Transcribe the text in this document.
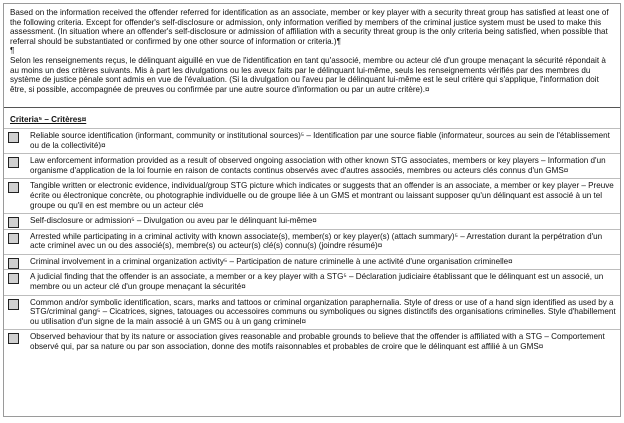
Based on the information received the offender referred for identification as an associate, member or key player with a security threat group has satisfied at least one of the following criteria. Except for offender's self-disclosure or admission, only information verified by members of the criminal justice system must be used to make this assessment. (In situation where an offender's self-disclosure or admission of affiliation with a security threat group is the only criteria being satisfied, when possible that referral should be substantiated or confirmed by one other source of information or criteria.)¶

¶

Selon les renseignements reçus, le délinquant aiguillé en vue de l'identification en tant qu'associé, membre ou acteur clé d'un groupe menaçant la sécurité répondait à au moins un des critères suivants. Mis à part les divulgations ou les aveux faits par le délinquant lui-même, seuls les renseignements vérifiés par des membres du système de justice pénale sont admis en vue de l'évaluation. (Si la divulgation ou l'aveu par le délinquant lui-même est le seul critère qui s'applique, l'information doit être, si possible, accompagnée de preuves ou confirmée par une autre source d'information ou par un autre critère).¤

Criteria⁵ – Critères¤

	Reliable source identification (informant, community or institutional sources)⁵ – Identification par une source fiable (informateur, sources au sein de l'établissement ou de la collectivité)¤

	Law enforcement information provided as a result of observed ongoing association with other known STG associates, members or key players – Information d'un organisme d'application de la loi fournie en raison de contacts continus observés avec d'autres associés, membres ou acteurs clés connus d'un GMS¤

	Tangible written or electronic evidence, individual/group STG picture which indicates or suggests that an offender is an associate, a member or key player – Preuve écrite ou électronique concrète, ou photographie individuelle ou de groupe liée à un GMS et montrant ou laissant supposer qu'un délinquant est associé à un tel groupe ou qu'il en est membre ou un acteur clé¤

	Self-disclosure or admission⁵ – Divulgation ou aveu par le délinquant lui-même¤

	Arrested while participating in a criminal activity with known associate(s), member(s) or key player(s) (attach summary)⁵ – Arrestation durant la perpétration d'un acte criminel avec un ou des associé(s), membre(s) ou acteur(s) clé(s) connu(s) (joindre résumé)¤

	Criminal involvement in a criminal organization activity⁵ – Participation de nature criminelle à une activité d'une organisation criminelle¤

	A judicial finding that the offender is an associate, a member or a key player with a STG⁵ – Déclaration judiciaire établissant que le délinquant est un associé, un membre ou un acteur clé d'un groupe menaçant la sécurité¤

	Common and/or symbolic identification, scars, marks and tattoos or criminal organization paraphernalia. Style of dress or use of a hand sign identified as used by a STG/criminal gang⁵ – Cicatrices, signes, tatouages ou accessoires communs ou symboliques ou signes distinctifs des organisations criminelles. Style d'habillement ou utilisation d'un signe de la main associé à un GMS ou à un gang criminel¤

	Observed behaviour that by its nature or association gives reasonable and probable grounds to believe that the offender is affiliated with a STG – Comportement observé qui, par sa nature ou par son association, donne des motifs raisonnables et probables de croire que le délinquant est affilié à un GMS¤
